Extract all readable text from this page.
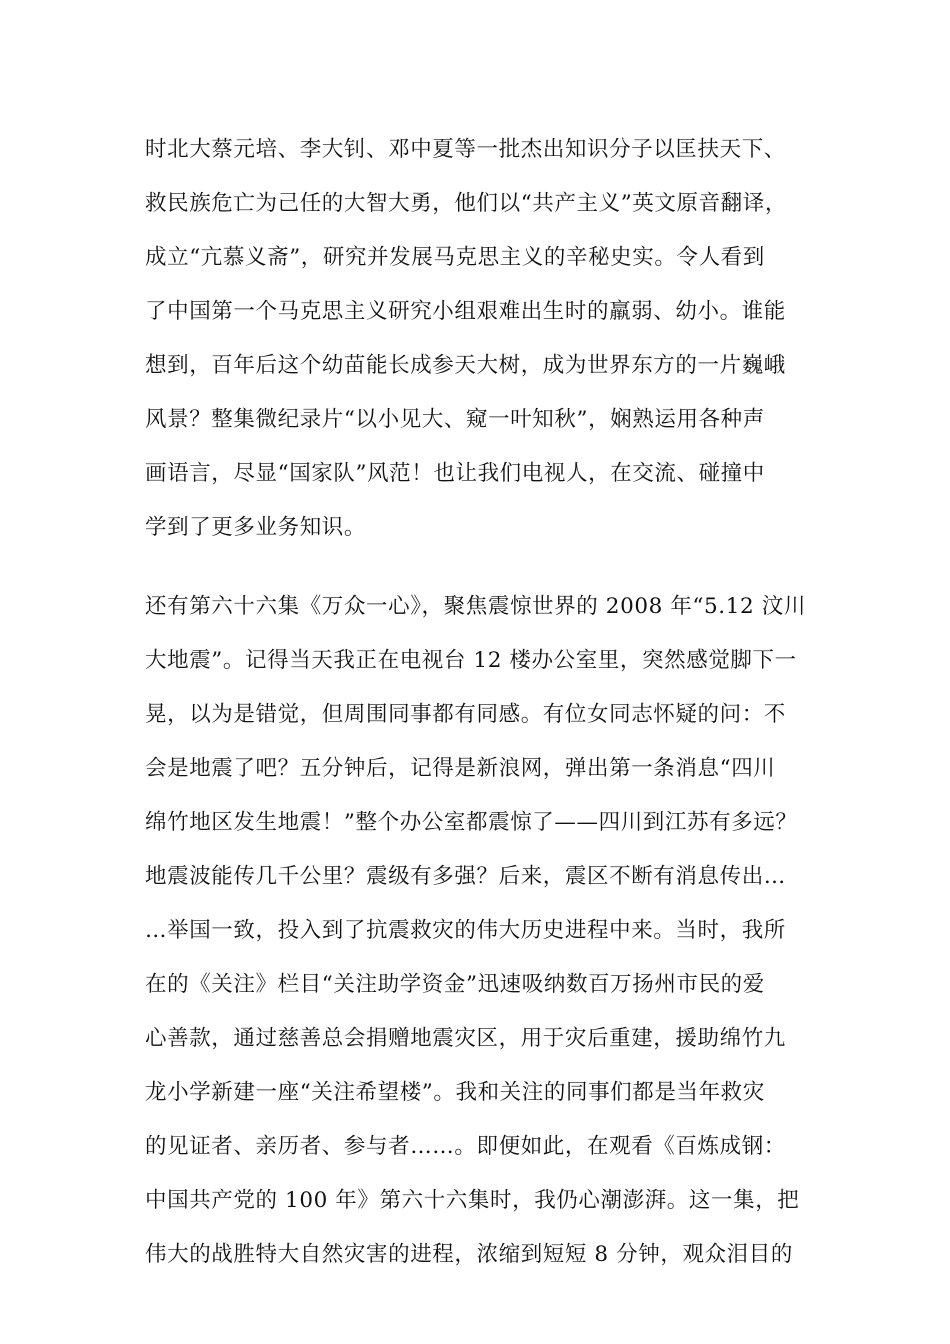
时北大蔡元培、李大钊、邓中夏等一批杰出知识分子以匡扶天下、
救民族危亡为己任的大智大勇，他们以“共产主义”英文原音翻译，
成立“亢慕义斋”，研究并发展马克思主义的辛秘史实。令人看到
了中国第一个马克思主义研究小组艰难出生时的羸弱、幼小。谁能
想到，百年后这个幼苗能长成参天大树，成为世界东方的一片巍峨
风景？整集微纪录片“以小见大、窥一叶知秋”，娴熟运用各种声
画语言，尽显“国家队”风范！也让我们电视人，在交流、碰撞中
学到了更多业务知识。
还有第六十六集《万众一心》，聚焦震惊世界的 2008 年“5.12 汶川
大地震”。记得当天我正在电视台 12 楼办公室里，突然感觉脚下一
晃，以为是错觉，但周围同事都有同感。有位女同志怀疑的问：不
会是地震了吧？五分钟后，记得是新浪网，弹出第一条消息“四川
绵竹地区发生地震！”整个办公室都震惊了——四川到江苏有多远？
地震波能传几千公里？震级有多强？后来，震区不断有消息传出…
…举国一致，投入到了抗震救灾的伟大历史进程中来。当时，我所
在的《关注》栏目“关注助学资金”迅速吸纳数百万扬州市民的爱
心善款，通过慈善总会捐赠地震灾区，用于灾后重建，援助绵竹九
龙小学新建一座“关注希望楼”。我和关注的同事们都是当年救灾
的见证者、亲历者、参与者……。即便如此，在观看《百炼成钢：
中国共产党的 100 年》第六十六集时，我仍心潮澎湃。这一集，把
伟大的战胜特大自然灾害的进程，浓缩到短短 8 分钟，观众泪目的
